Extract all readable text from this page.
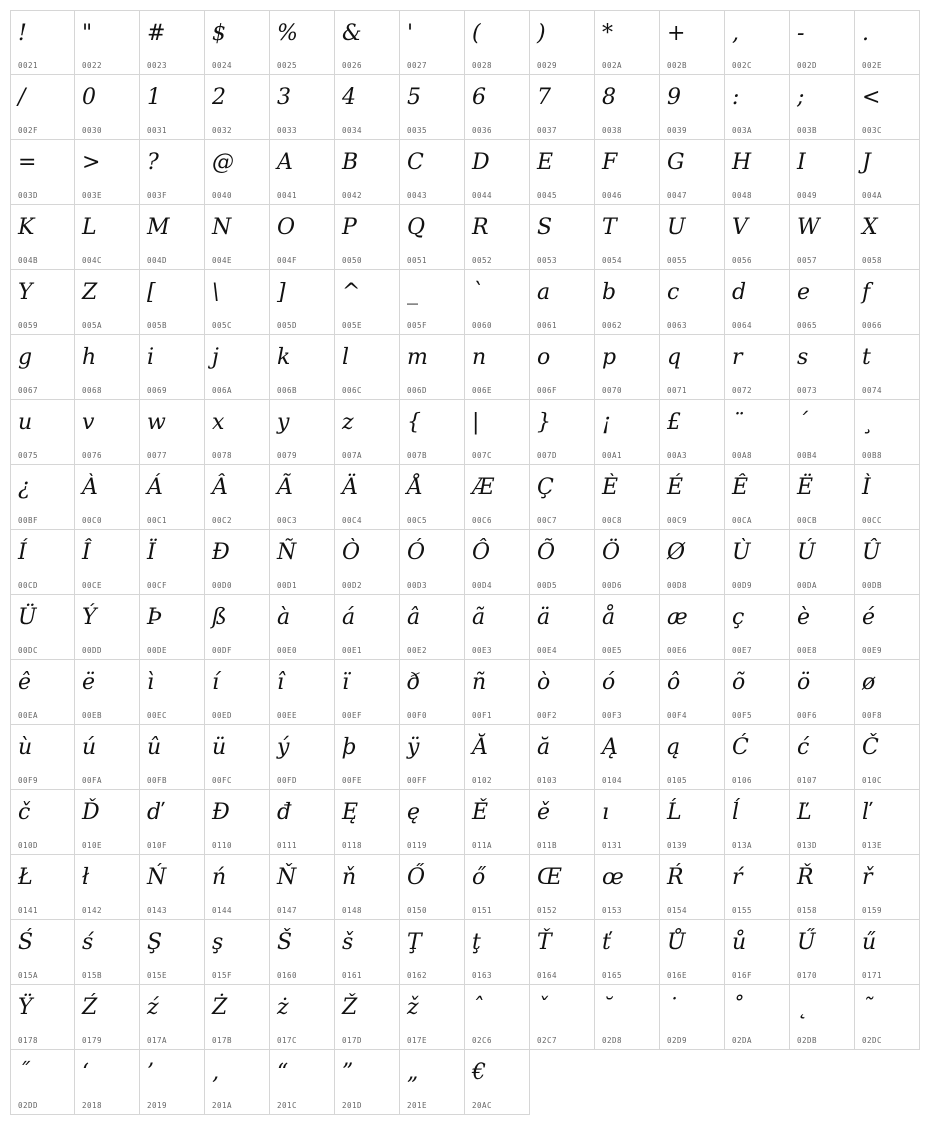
!
0021
"
0022
#
0023
$
0024
%
0025
&
0026
'
0027
(
0028
)
0029
*
002A
+
002B
,
002C
-
002D
.
002E
/
002F
0
0030
1
0031
2
0032
3
0033
4
0034
5
0035
6
0036
7
0037
8
0038
9
0039
:
003A
;
003B
<
003C
=
003D
>
003E
?
003F
@
0040
A
0041
B
0042
C
0043
D
0044
E
0045
F
0046
G
0047
H
0048
I
0049
J
004A
K
004B
L
004C
M
004D
N
004E
O
004F
P
0050
Q
0051
R
0052
S
0053
T
0054
U
0055
V
0056
W
0057
X
0058
Y
0059
Z
005A
[
005B
\
005C
]
005D
^
005E
_
005F
`
0060
a
0061
b
0062
c
0063
d
0064
e
0065
f
0066
g
0067
h
0068
i
0069
j
006A
k
006B
l
006C
m
006D
n
006E
o
006F
p
0070
q
0071
r
0072
s
0073
t
0074
u
0075
v
0076
w
0077
x
0078
y
0079
z
007A
{
007B
|
007C
}
007D
¡
00A1
£
00A3
¨
00A8
´
00B4
¸
00B8
¿
00BF
À
00C0
Á
00C1
Â
00C2
Ã
00C3
Ä
00C4
Å
00C5
Æ
00C6
Ç
00C7
È
00C8
É
00C9
Ê
00CA
Ë
00CB
Ì
00CC
Í
00CD
Î
00CE
Ï
00CF
Ð
00D0
Ñ
00D1
Ò
00D2
Ó
00D3
Ô
00D4
Õ
00D5
Ö
00D6
Ø
00D8
Ù
00D9
Ú
00DA
Û
00DB
Ü
00DC
Ý
00DD
Þ
00DE
ß
00DF
à
00E0
á
00E1
â
00E2
ã
00E3
ä
00E4
å
00E5
æ
00E6
ç
00E7
è
00E8
é
00E9
ê
00EA
ë
00EB
ì
00EC
í
00ED
î
00EE
ï
00EF
ð
00F0
ñ
00F1
ò
00F2
ó
00F3
ô
00F4
õ
00F5
ö
00F6
ø
00F8
ù
00F9
ú
00FA
û
00FB
ü
00FC
ý
00FD
þ
00FE
ÿ
00FF
Ă
0102
ă
0103
Ą
0104
ą
0105
Ć
0106
ć
0107
Č
010C
č
010D
Ď
010E
ď
010F
Đ
0110
đ
0111
Ę
0118
ę
0119
Ě
011A
ě
011B
ı
0131
Ĺ
0139
ĺ
013A
Ľ
013D
ľ
013E
Ł
0141
ł
0142
Ń
0143
ń
0144
Ň
0147
ň
0148
Ő
0150
ő
0151
Œ
0152
œ
0153
Ŕ
0154
ŕ
0155
Ř
0158
ř
0159
Ś
015A
ś
015B
Ş
015E
ş
015F
Š
0160
š
0161
Ţ
0162
ţ
0163
Ť
0164
ť
0165
Ů
016E
ů
016F
Ű
0170
ű
0171
Ÿ
0178
Ź
0179
ź
017A
Ż
017B
ż
017C
Ž
017D
ž
017E
ˆ
02C6
ˇ
02C7
˘
02D8
˙
02D9
˚
02DA
˛
02DB
˜
02DC
˝
02DD
‘
2018
’
2019
‚
201A
“
201C
”
201D
„
201E
€
20AC
